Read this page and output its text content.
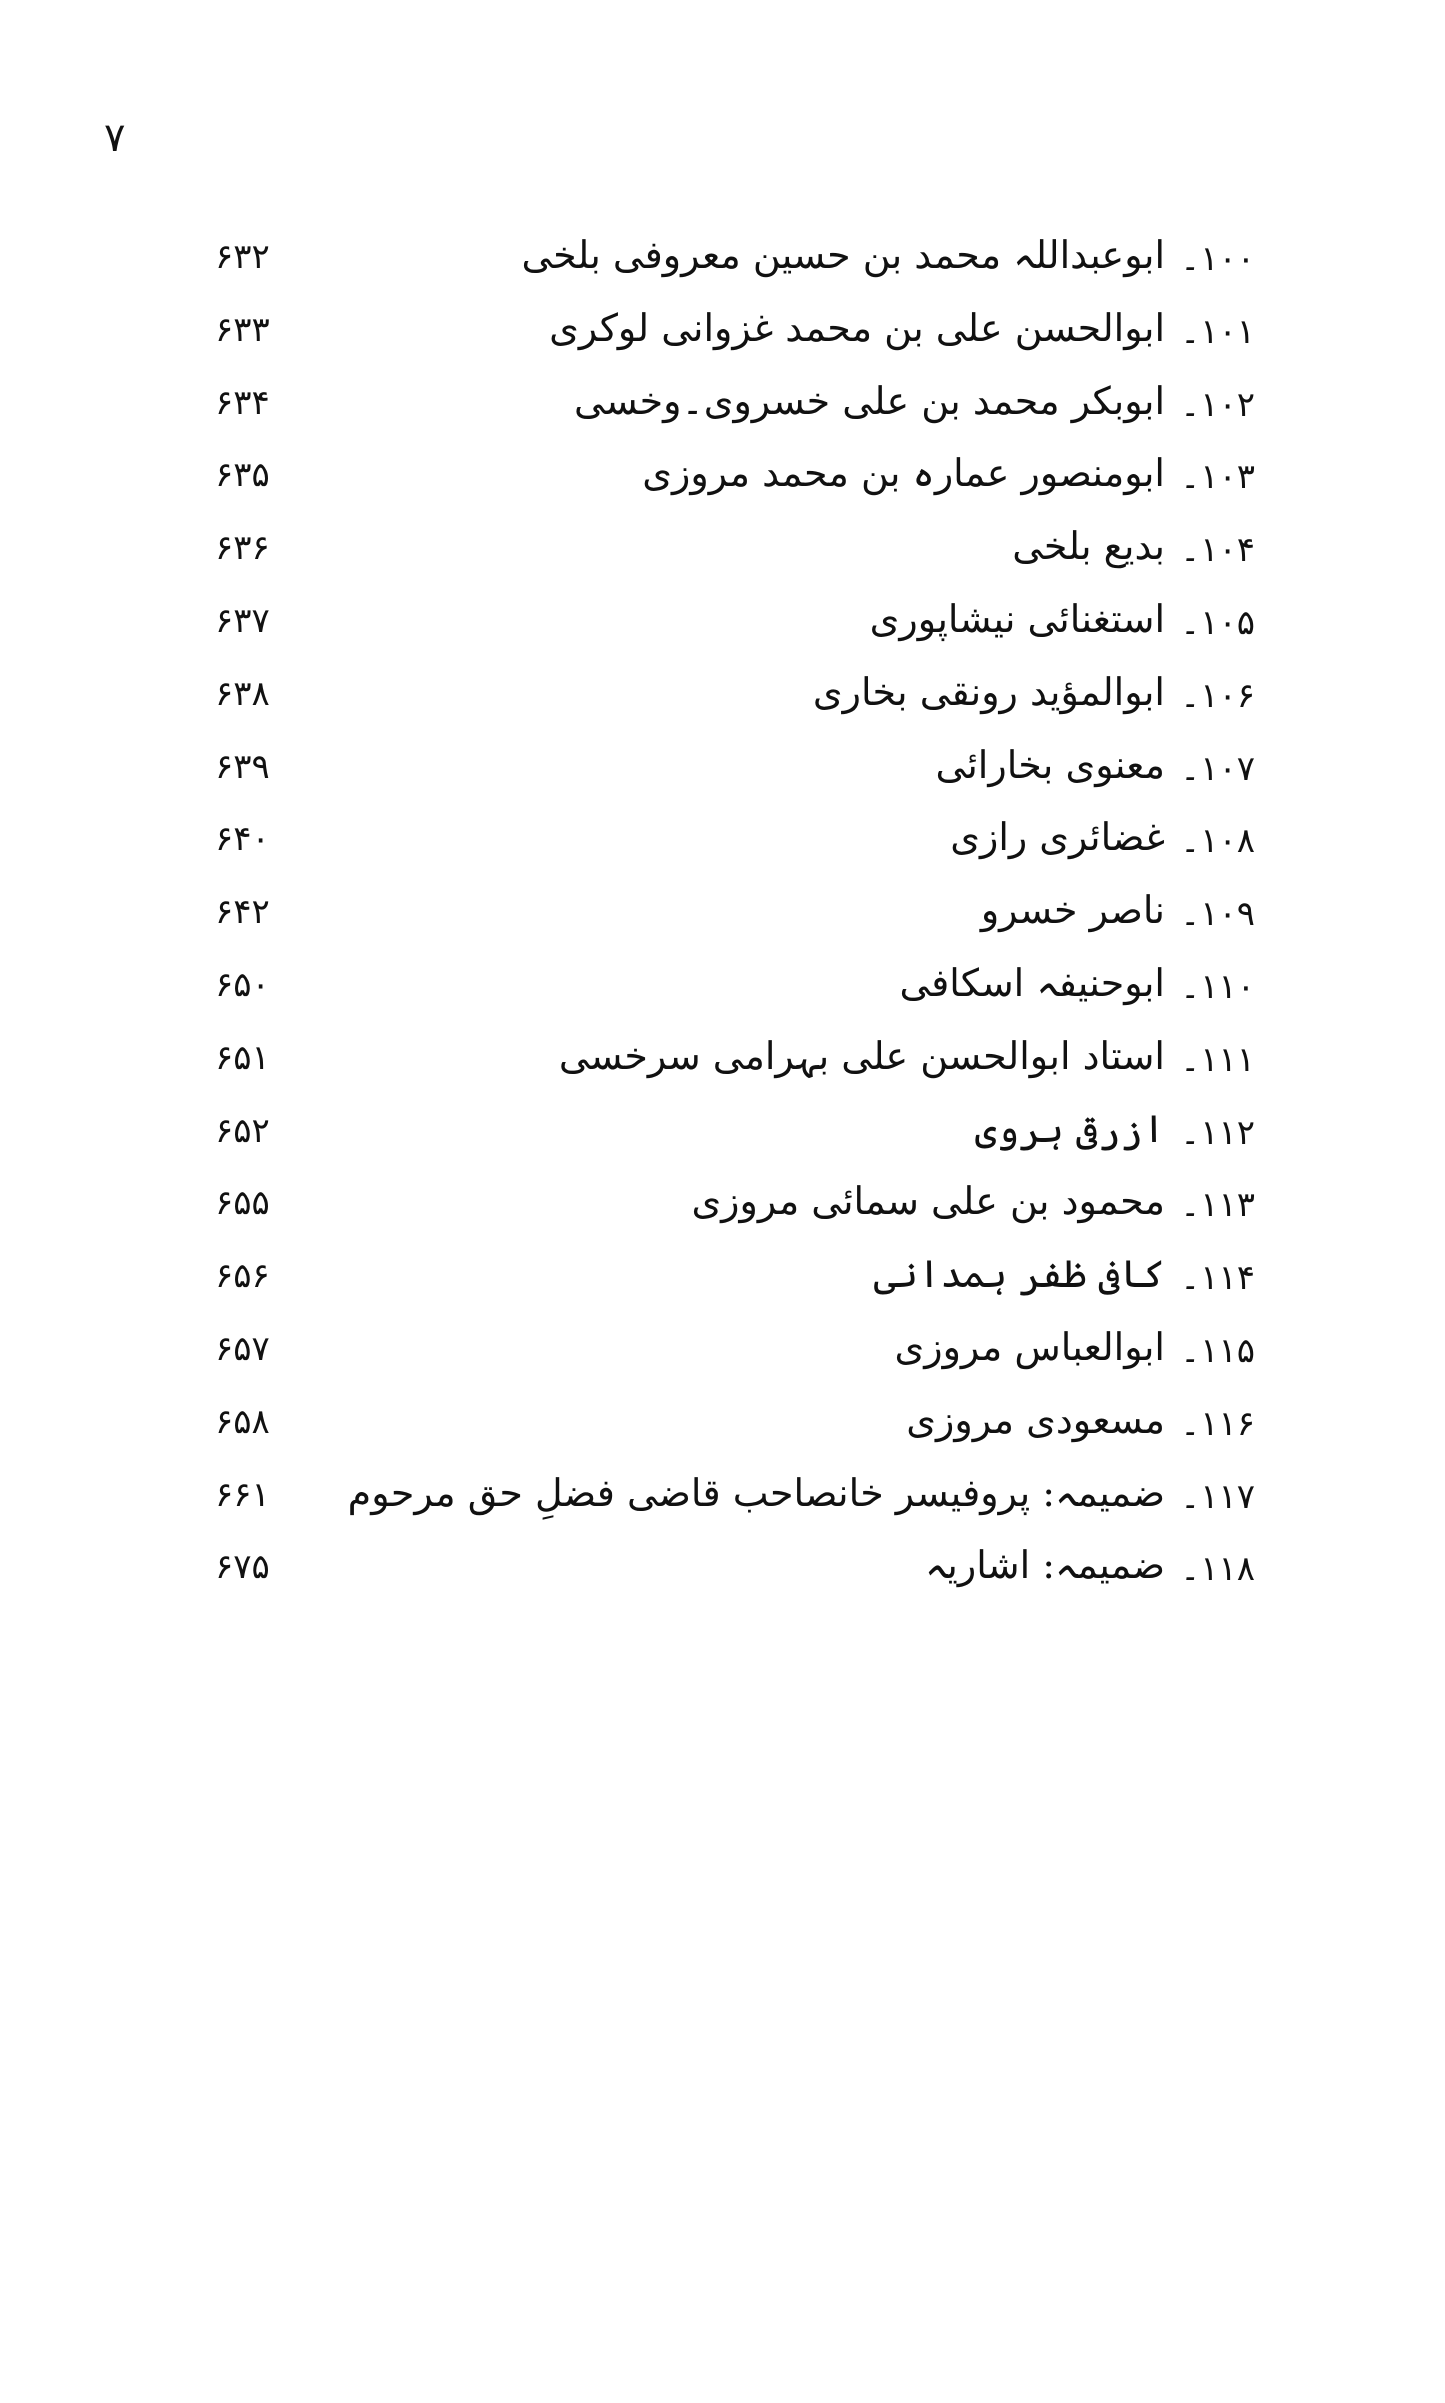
۷
۱۰۰۔
ابوعبداللہ محمد بن حسین معروفی بلخی
۶۳۲
۱۰۱۔
ابوالحسن علی بن محمد غزوانی لوکری
۶۳۳
۱۰۲۔
ابوبکر محمد بن علی خسروی۔وخسی
۶۳۴
۱۰۳۔
ابومنصور عمارہ بن محمد مروزی
۶۳۵
۱۰۴۔
بدیع بلخی
۶۳۶
۱۰۵۔
استغنائی نیشاپوری
۶۳۷
۱۰۶۔
ابوالمؤید رونقی بخاری
۶۳۸
۱۰۷۔
معنوی بخارائی
۶۳۹
۱۰۸۔
غضائری رازی
۶۴۰
۱۰۹۔
ناصر خسرو
۶۴۲
۱۱۰۔
ابوحنیفہ اسکافی
۶۵۰
۱۱۱۔
استاد ابوالحسن علی بہرامی سرخسی
۶۵۱
۱۱۲۔
ازرقی ہروی
۶۵۲
۱۱۳۔
محمود بن علی سمائی مروزی
۶۵۵
۱۱۴۔
کافی ظفر ہمدانی
۶۵۶
۱۱۵۔
ابوالعباس مروزی
۶۵۷
۱۱۶۔
مسعودی مروزی
۶۵۸
۱۱۷۔
ضمیمہ: پروفیسر خانصاحب قاضی فضلِ حق مرحوم
۶۶۱
۱۱۸۔
ضمیمہ: اشاریہ
۶۷۵
